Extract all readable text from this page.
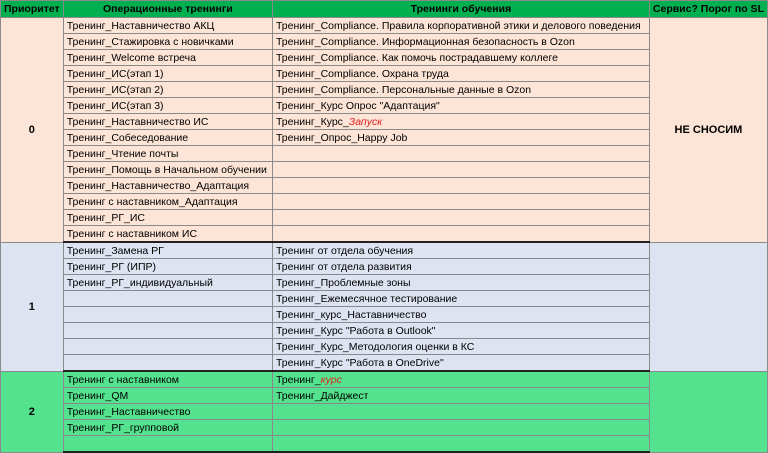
Приоритет	Операционные тренинги	Тренинги обучения	Сервис? Порог по SL
0	Тренинг_Наставничество АКЦ	Тренинг_Compliance. Правила корпоративной этики и делового поведения	НЕ СНОСИМ
	Тренинг_Стажировка с новичками	Тренинг_Compliance. Информационная безопасность в Ozon	
	Тренинг_Welcome встреча	Тренинг_Compliance. Как помочь пострадавшему коллеге	
	Тренинг_ИС(этап 1)	Тренинг_Compliance. Охрана труда	
	Тренинг_ИС(этап 2)	Тренинг_Compliance. Персональные данные в Ozon	
	Тренинг_ИС(этап 3)	Тренинг_Курс Опрос "Адаптация"	
	Тренинг_Наставничество ИС	Тренинг_Курс_Запуск	
	Тренинг_Собеседование	Тренинг_Опрос_Happy Job	
	Тренинг_Чтение почты		
	Тренинг_Помощь в Начальном обучении		
	Тренинг_Наставничество_Адаптация		
	Тренинг с наставником_Адаптация		
	Тренинг_РГ_ИС		
	Тренинг с наставником ИС		
1	Тренинг_Замена РГ	Тренинг от отдела обучения	
	Тренинг_РГ (ИПР)	Тренинг от отдела развития	
	Тренинг_РГ_индивидуальный	Тренинг_Проблемные зоны	
		Тренинг_Ежемесячное тестирование	
		Тренинг_курс_Наставничество	
		Тренинг_Курс "Работа в Outlook"	
		Тренинг_Курс_Методология оценки в КС	
		Тренинг_Курс "Работа в OneDrive"	
2	Тренинг с наставником	Тренинг_курс	
	Тренинг_QM	Тренинг_Дайджест	
	Тренинг_Наставничество		
	Тренинг_РГ_групповой		
